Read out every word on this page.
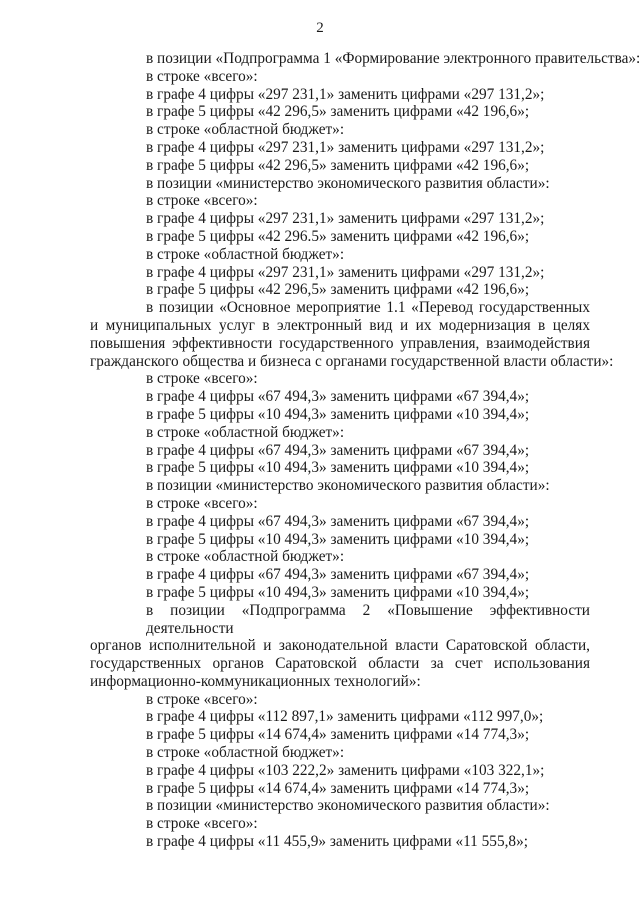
2
в позиции «Подпрограмма 1 «Формирование электронного правительства»:
в строке «всего»:
в графе 4 цифры «297 231,1» заменить цифрами «297 131,2»;
в графе 5 цифры «42 296,5» заменить цифрами «42 196,6»;
в строке «областной бюджет»:
в графе 4 цифры «297 231,1» заменить цифрами «297 131,2»;
в графе 5 цифры «42 296,5» заменить цифрами «42 196,6»;
в позиции «министерство экономического развития области»:
в строке «всего»:
в графе 4 цифры «297 231,1» заменить цифрами «297 131,2»;
в графе 5 цифры «42 296.5» заменить цифрами «42 196,6»;
в строке «областной бюджет»:
в графе 4 цифры «297 231,1» заменить цифрами «297 131,2»;
в графе 5 цифры «42 296,5» заменить цифрами «42 196,6»;
в позиции «Основное мероприятие 1.1 «Перевод государственных
и муниципальных услуг в электронный вид и их модернизация в целях
повышения эффективности государственного управления, взаимодействия
гражданского общества и бизнеса с органами государственной власти области»:
в строке «всего»:
в графе 4 цифры «67 494,3» заменить цифрами «67 394,4»;
в графе 5 цифры «10 494,3» заменить цифрами «10 394,4»;
в строке «областной бюджет»:
в графе 4 цифры «67 494,3» заменить цифрами «67 394,4»;
в графе 5 цифры «10 494,3» заменить цифрами «10 394,4»;
в позиции «министерство экономического развития области»:
в строке «всего»:
в графе 4 цифры «67 494,3» заменить цифрами «67 394,4»;
в графе 5 цифры «10 494,3» заменить цифрами «10 394,4»;
в строке «областной бюджет»:
в графе 4 цифры «67 494,3» заменить цифрами «67 394,4»;
в графе 5 цифры «10 494,3» заменить цифрами «10 394,4»;
в позиции «Подпрограмма 2 «Повышение эффективности деятельности
органов исполнительной и законодательной власти Саратовской области,
государственных органов Саратовской области за счет использования
информационно-коммуникационных технологий»:
в строке «всего»:
в графе 4 цифры «112 897,1» заменить цифрами «112 997,0»;
в графе 5 цифры «14 674,4» заменить цифрами «14 774,3»;
в строке «областной бюджет»:
в графе 4 цифры «103 222,2» заменить цифрами «103 322,1»;
в графе 5 цифры «14 674,4» заменить цифрами «14 774,3»;
в позиции «министерство экономического развития области»:
в строке «всего»:
в графе 4 цифры «11 455,9» заменить цифрами «11 555,8»;
